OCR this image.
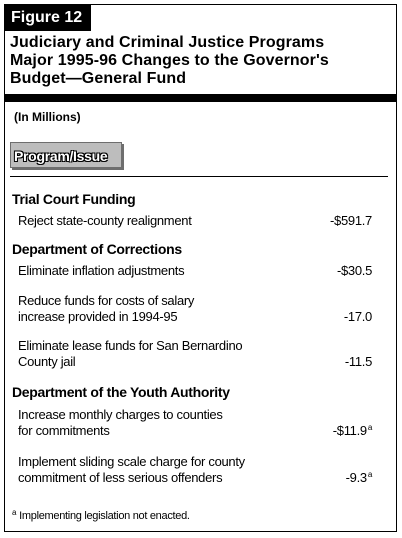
Figure 12
Judiciary and Criminal Justice Programs
Major 1995-96 Changes to the Governor's
Budget—General Fund
(In Millions)
Program/Issue
Trial Court Funding
Reject state-county realignment	-$591.7
Department of Corrections
Eliminate inflation adjustments	-$30.5
Reduce funds for costs of salary
increase provided in 1994-95	-17.0
Eliminate lease funds for San Bernardino
County jail	-11.5
Department of the Youth Authority
Increase monthly charges to counties
for commitments	-$11.9$^a$
Implement sliding scale charge for county
commitment of less serious offenders	-9.3$^a$
$^a$ Implementing legislation not enacted.
